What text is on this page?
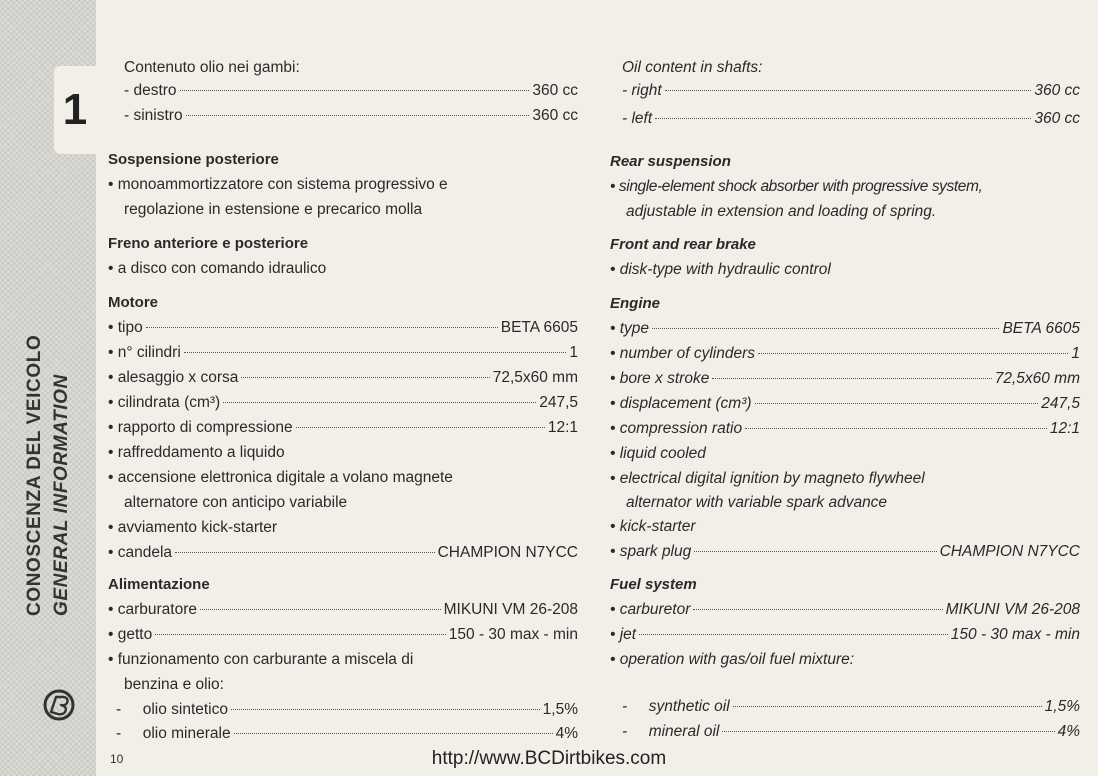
1
CONOSCENZA DEL VEICOLO GENERAL INFORMATION
Contenuto olio nei gambi:
- destro	360 cc
- sinistro	360 cc
Sospensione posteriore
• monoammortizzatore con sistema progressivo e
regolazione in estensione e precarico molla
Freno anteriore e posteriore
• a disco con comando idraulico
Motore
• tipo	BETA 6605
• n° cilindri	1
• alesaggio x corsa	72,5x60 mm
• cilindrata (cm³)	247,5
• rapporto di compressione	12:1
• raffreddamento a liquido
• accensione elettronica digitale a volano magnete
alternatore con anticipo variabile
• avviamento kick-starter
• candela	CHAMPION N7YCC
Alimentazione
• carburatore	MIKUNI VM 26-208
• getto	150 - 30 max - min
• funzionamento con carburante a miscela di
benzina e olio:
-     olio sintetico	1,5%
-     olio minerale	4%
Oil content in shafts:
- right	360 cc
- left	360 cc
Rear suspension
• single-element shock absorber with progressive system,
adjustable in extension and loading of spring.
Front and rear brake
• disk-type with hydraulic control
Engine
• type	BETA 6605
• number of cylinders	1
• bore x stroke	72,5x60 mm
• displacement (cm³)	247,5
• compression ratio	12:1
• liquid cooled
• electrical digital ignition by magneto flywheel
alternator with variable spark advance
• kick-starter
• spark plug	CHAMPION N7YCC
Fuel system
• carburetor	MIKUNI VM 26-208
• jet	150 - 30 max - min
• operation with gas/oil fuel mixture:
-     synthetic oil	1,5%
-     mineral oil	4%
10	http://www.BCDirtbikes.com
